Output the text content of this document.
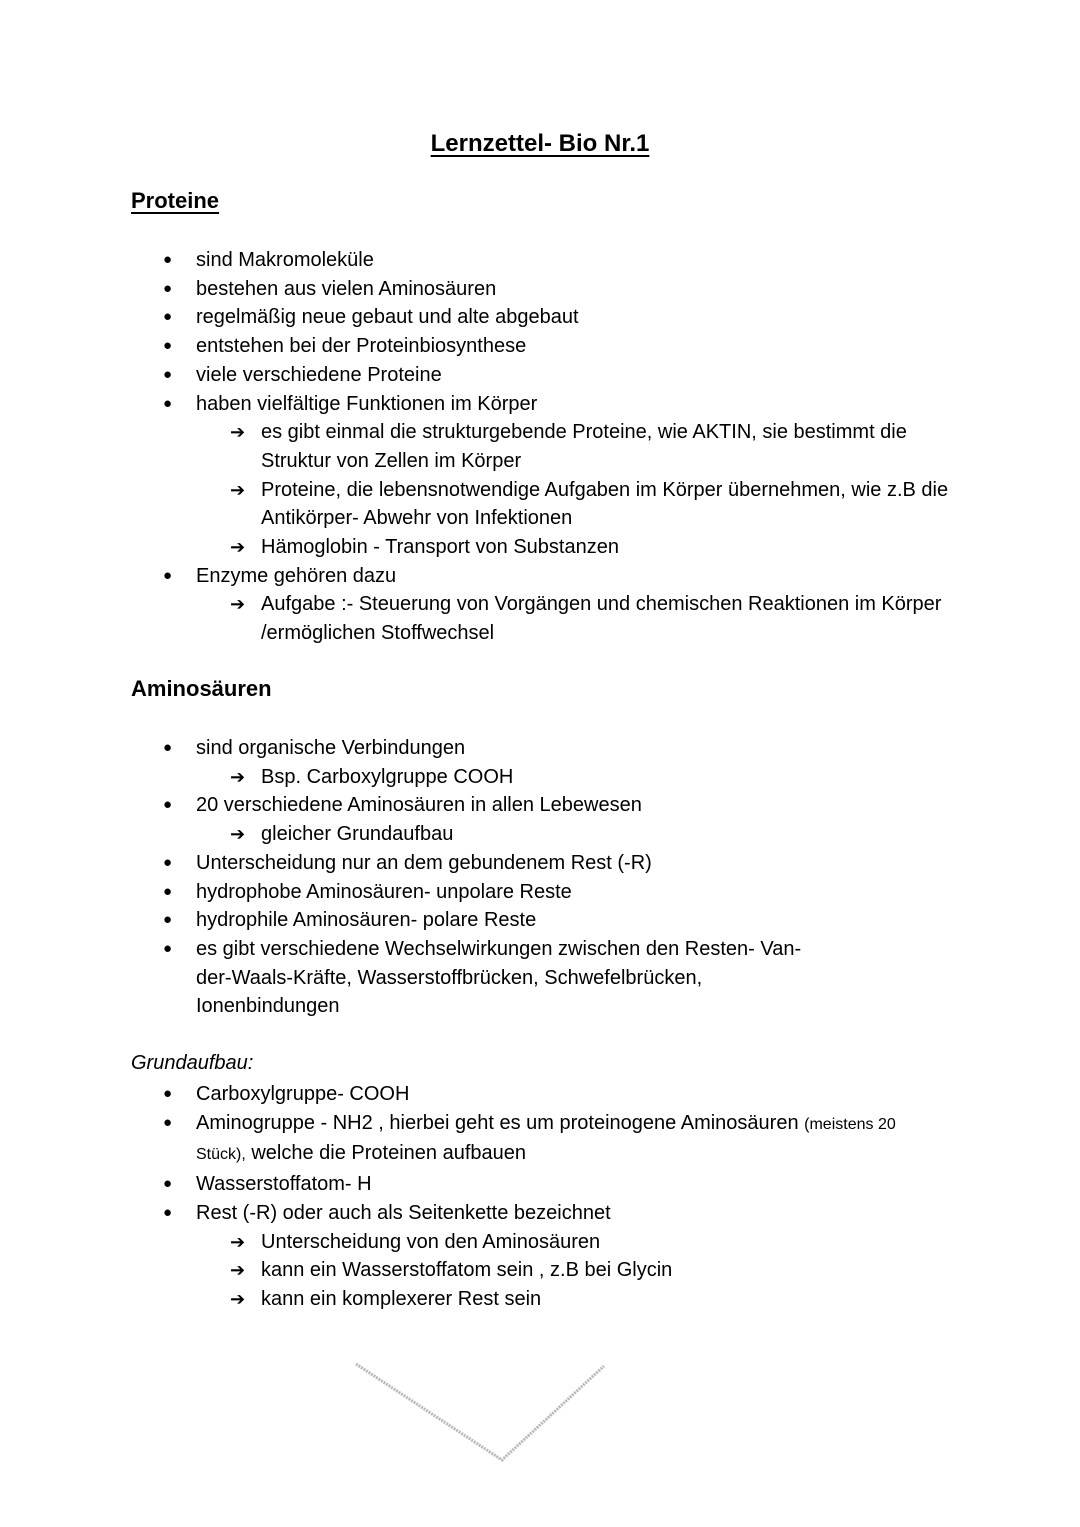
Lernzettel- Bio Nr.1
Proteine
● sind Makromoleküle
● bestehen aus vielen Aminosäuren
● regelmäßig neue gebaut und alte abgebaut
● entstehen bei der Proteinbiosynthese
● viele verschiedene Proteine
● haben vielfältige Funktionen im Körper
➔ es gibt einmal die strukturgebende Proteine, wie AKTIN, sie bestimmt die Struktur von Zellen im Körper
➔ Proteine, die lebensnotwendige Aufgaben im Körper übernehmen, wie z.B die Antikörper- Abwehr von Infektionen
➔ Hämoglobin - Transport von Substanzen
● Enzyme gehören dazu
➔ Aufgabe :- Steuerung von Vorgängen und chemischen Reaktionen im Körper /ermöglichen Stoffwechsel
Aminosäuren
● sind organische Verbindungen
➔ Bsp. Carboxylgruppe COOH
● 20 verschiedene Aminosäuren in allen Lebewesen
➔ gleicher Grundaufbau
● Unterscheidung nur an dem gebundenem Rest (-R)
● hydrophobe Aminosäuren- unpolare Reste
● hydrophile Aminosäuren- polare Reste
● es gibt verschiedene Wechselwirkungen zwischen den Resten- Van-der-Waals-Kräfte, Wasserstoffbrücken, Schwefelbrücken, Ionenbindungen
Grundaufbau:
● Carboxylgruppe- COOH
● Aminogruppe - NH2 , hierbei geht es um proteinogene Aminosäuren (meistens 20 Stück), welche die Proteinen aufbauen
● Wasserstoffatom- H
● Rest (-R) oder auch als Seitenkette bezeichnet
➔ Unterscheidung von den Aminosäuren
➔ kann ein Wasserstoffatom sein , z.B bei Glycin
➔ kann ein komplexerer Rest sein
